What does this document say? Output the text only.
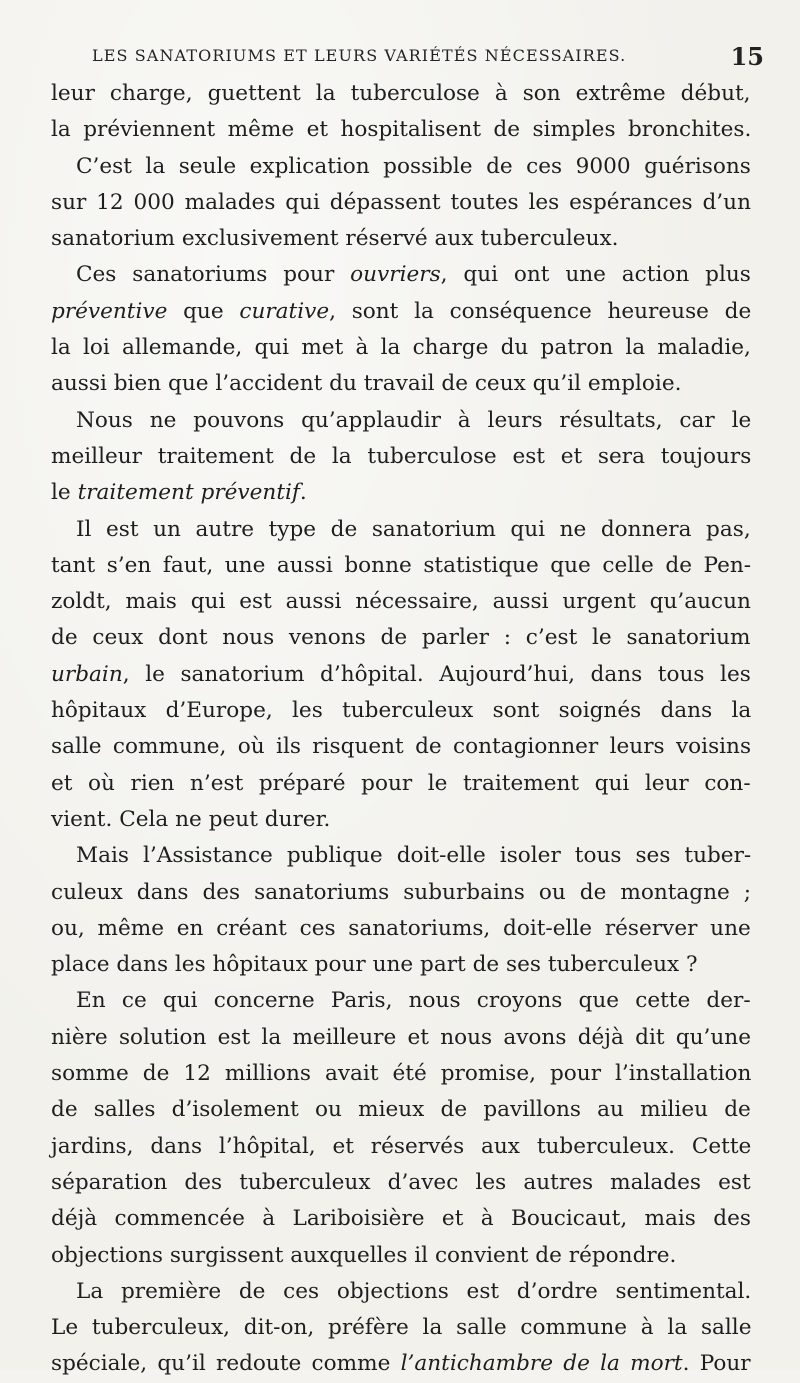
LES SANATORIUMS ET LEURS VARIÉTÉS NÉCESSAIRES.	15
leur charge, guettent la tuberculose à son extrême début,
la préviennent même et hospitalisent de simples bronchites.
C’est la seule explication possible de ces 9000 guérisons
sur 12 000 malades qui dépassent toutes les espérances d’un
sanatorium exclusivement réservé aux tuberculeux.
Ces sanatoriums pour ouvriers, qui ont une action plus
préventive que curative, sont la conséquence heureuse de
la loi allemande, qui met à la charge du patron la maladie,
aussi bien que l’accident du travail de ceux qu’il emploie.
Nous ne pouvons qu’applaudir à leurs résultats, car le
meilleur traitement de la tuberculose est et sera toujours
le traitement préventif.
Il est un autre type de sanatorium qui ne donnera pas,
tant s’en faut, une aussi bonne statistique que celle de Pen-
zoldt, mais qui est aussi nécessaire, aussi urgent qu’aucun
de ceux dont nous venons de parler : c’est le sanatorium
urbain, le sanatorium d’hôpital. Aujourd’hui, dans tous les
hôpitaux d’Europe, les tuberculeux sont soignés dans la
salle commune, où ils risquent de contagionner leurs voisins
et où rien n’est préparé pour le traitement qui leur con-
vient. Cela ne peut durer.
Mais l’Assistance publique doit-elle isoler tous ses tuber-
culeux dans des sanatoriums suburbains ou de montagne ;
ou, même en créant ces sanatoriums, doit-elle réserver une
place dans les hôpitaux pour une part de ses tuberculeux ?
En ce qui concerne Paris, nous croyons que cette der-
nière solution est la meilleure et nous avons déjà dit qu’une
somme de 12 millions avait été promise, pour l’installation
de salles d’isolement ou mieux de pavillons au milieu de
jardins, dans l’hôpital, et réservés aux tuberculeux. Cette
séparation des tuberculeux d’avec les autres malades est
déjà commencée à Lariboisière et à Boucicaut, mais des
objections surgissent auxquelles il convient de répondre.
La première de ces objections est d’ordre sentimental.
Le tuberculeux, dit-on, préfère la salle commune à la salle
spéciale, qu’il redoute comme l’antichambre de la mort. Pour
